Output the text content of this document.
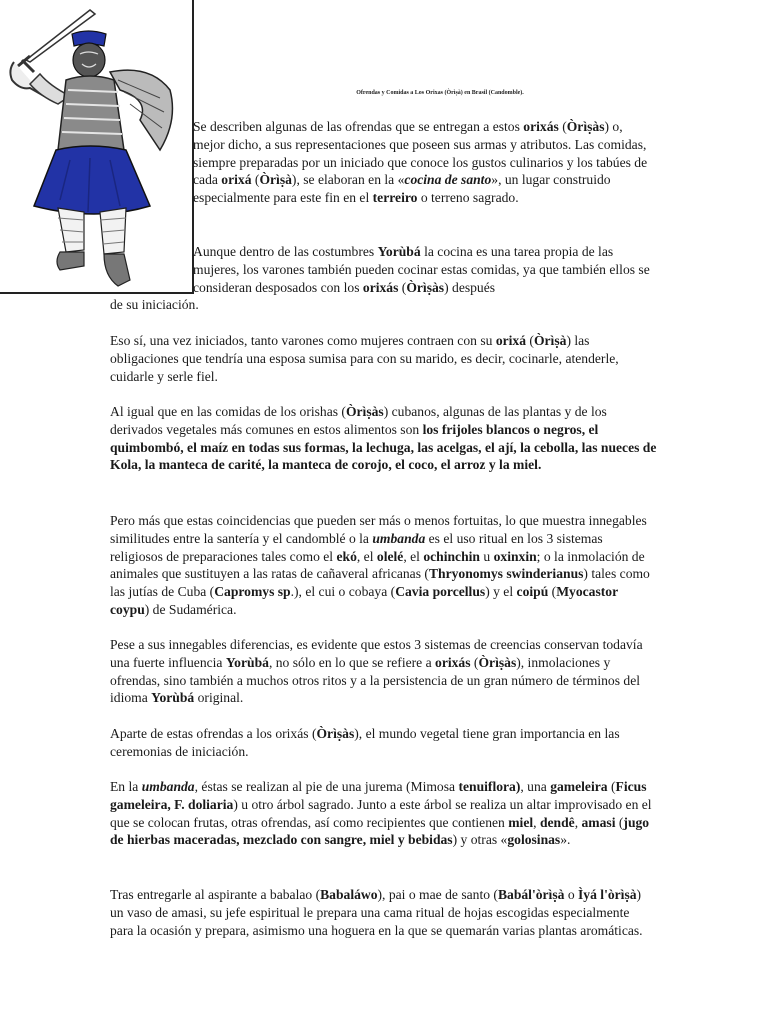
Ofrendas y Comidas a Los Orixas (Òrìṣà) en Brasil (Candomble).

Se describen algunas de las ofrendas que se entregan a estos orixás (Òrìṣàs) o, mejor dicho, a sus representaciones que poseen sus armas y atributos. Las comidas, siempre preparadas por un iniciado que conoce los gustos culinarios y los tabúes de cada orixá (Òrìṣà), se elaboran en la «cocina de santo», un lugar construido especialmente para este fin en el terreiro o terreno sagrado.

Aunque dentro de las costumbres Yorùbá la cocina es una tarea propia de las mujeres, los varones también pueden cocinar estas comidas, ya que también ellos se consideran desposados con los orixás (Òrìṣàs) después

de su iniciación.

Eso sí, una vez iniciados, tanto varones como mujeres contraen con su orixá (Òrìṣà) las obligaciones que tendría una esposa sumisa para con su marido, es decir, cocinarle, atenderle, cuidarle y serle fiel.

Al igual que en las comidas de los orishas (Òrìṣàs) cubanos, algunas de las plantas y de los derivados vegetales más comunes en estos alimentos son los frijoles blancos o negros, el quimbombó, el maíz en todas sus formas, la lechuga, las acelgas, el ají, la cebolla, las nueces de Kola, la manteca de carité, la manteca de corojo, el coco, el arroz y la miel.

Pero más que estas coincidencias que pueden ser más o menos fortuitas, lo que muestra innegables similitudes entre la santería y el candomblé o la umbanda es el uso ritual en los 3 sistemas religiosos de preparaciones tales como el ekó, el olelé, el ochinchin u oxinxin; o la inmolación de animales que sustituyen a las ratas de cañaveral africanas (Thryonomys swinderianus) tales como las jutías de Cuba (Capromys sp.), el cui o cobaya (Cavia porcellus) y el coipú (Myocastor coypu) de Sudamérica.

Pese a sus innegables diferencias, es evidente que estos 3 sistemas de creencias conservan todavía una fuerte influencia Yorùbá, no sólo en lo que se refiere a orixás (Òrìṣàs), inmolaciones y ofrendas, sino también a muchos otros ritos y a la persistencia de un gran número de términos del idioma Yorùbá original.

Aparte de estas ofrendas a los orixás (Òrìṣàs), el mundo vegetal tiene gran importancia en las ceremonias de iniciación.

En la umbanda, éstas se realizan al pie de una jurema (Mimosa tenuiflora), una gameleira (Ficus gameleira, F. doliaria) u otro árbol sagrado. Junto a este árbol se realiza un altar improvisado en el que se colocan frutas, otras ofrendas, así como recipientes que contienen miel, dendê, amasi (jugo de hierbas maceradas, mezclado con sangre, miel y bebidas) y otras «golosinas».

Tras entregarle al aspirante a babalao (Babaláwo), pai o mae de santo (Babál'òrìṣà o Ìyá l'òrìṣà) un vaso de amasi, su jefe espiritual le prepara una cama ritual de hojas escogidas especialmente para la ocasión y prepara, asimismo una hoguera en la que se quemarán varias plantas aromáticas.
